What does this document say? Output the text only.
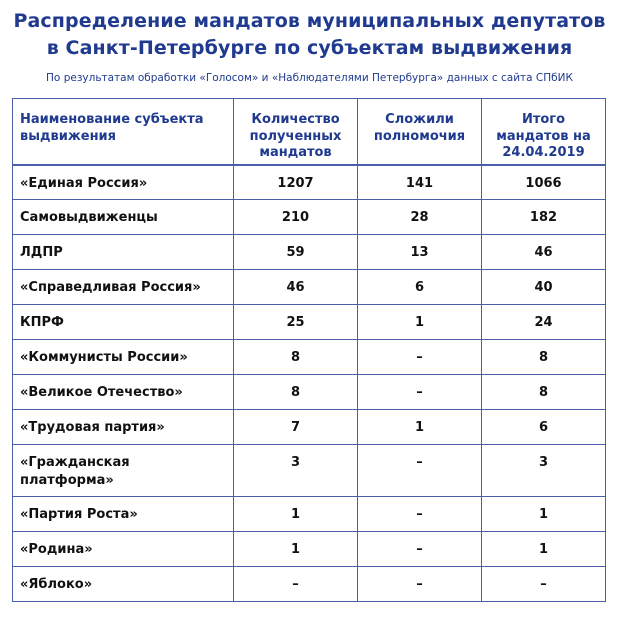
Распределение мандатов муниципальных депутатов
в Санкт-Петербурге по субъектам выдвижения
По результатам обработки «Голосом» и «Наблюдателями Петербурга» данных с сайта СПбИК
Наименование субъекта выдвижения	Количество полученных мандатов	Сложили полномочия	Итого мандатов на 24.04.2019
«Единая Россия»	1207	141	1066
Самовыдвиженцы	210	28	182
ЛДПР	59	13	46
«Справедливая Россия»	46	6	40
КПРФ	25	1	24
«Коммунисты России»	8	–	8
«Великое Отечество»	8	–	8
«Трудовая партия»	7	1	6
«Гражданская платформа»	3	–	3
«Партия Роста»	1	–	1
«Родина»	1	–	1
«Яблоко»	–	–	–
